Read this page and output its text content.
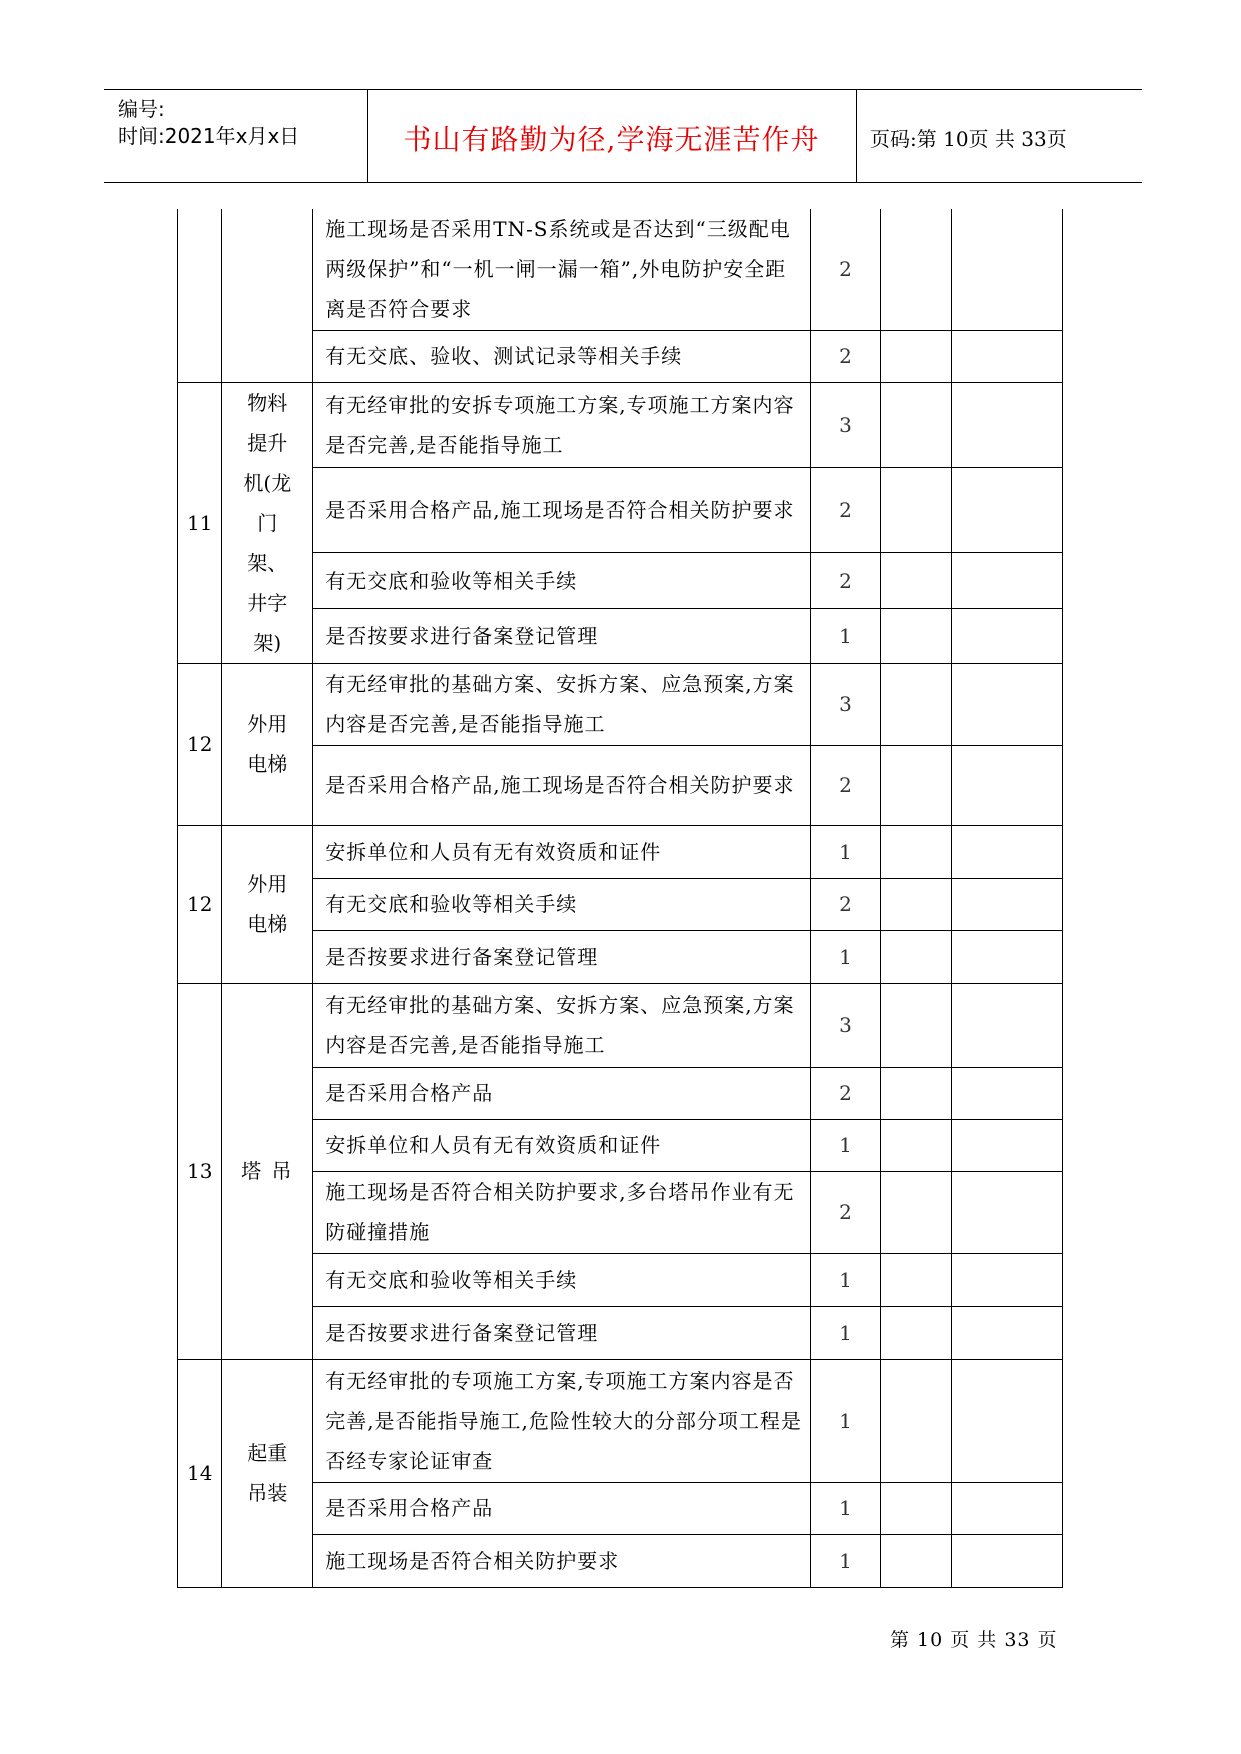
编号:
时间:2021年x月x日	书山有路勤为径,学海无涯苦作舟	页码:第 10页 共 33页
		施工现场是否采用TN-S系统或是否达到“三级配电两级保护”和“一机一闸一漏一箱”,外电防护安全距离是否符合要求	2		
		有无交底、验收、测试记录等相关手续	2		
11	物料提升机(龙门架、井字架)	有无经审批的安拆专项施工方案,专项施工方案内容是否完善,是否能指导施工	3		
		是否采用合格产品,施工现场是否符合相关防护要求	2		
		有无交底和验收等相关手续	2		
		是否按要求进行备案登记管理	1		
12	外用电梯	有无经审批的基础方案、安拆方案、应急预案,方案内容是否完善,是否能指导施工	3		
		是否采用合格产品,施工现场是否符合相关防护要求	2		
12	外用电梯	安拆单位和人员有无有效资质和证件	1		
		有无交底和验收等相关手续	2		
		是否按要求进行备案登记管理	1		
13	塔 吊	有无经审批的基础方案、安拆方案、应急预案,方案内容是否完善,是否能指导施工	3		
		是否采用合格产品	2		
		安拆单位和人员有无有效资质和证件	1		
		施工现场是否符合相关防护要求,多台塔吊作业有无防碰撞措施	2		
		有无交底和验收等相关手续	1		
		是否按要求进行备案登记管理	1		
14	起重吊装	有无经审批的专项施工方案,专项施工方案内容是否完善,是否能指导施工,危险性较大的分部分项工程是否经专家论证审查	1		
		是否采用合格产品	1		
		施工现场是否符合相关防护要求	1		
第 10 页 共 33 页
